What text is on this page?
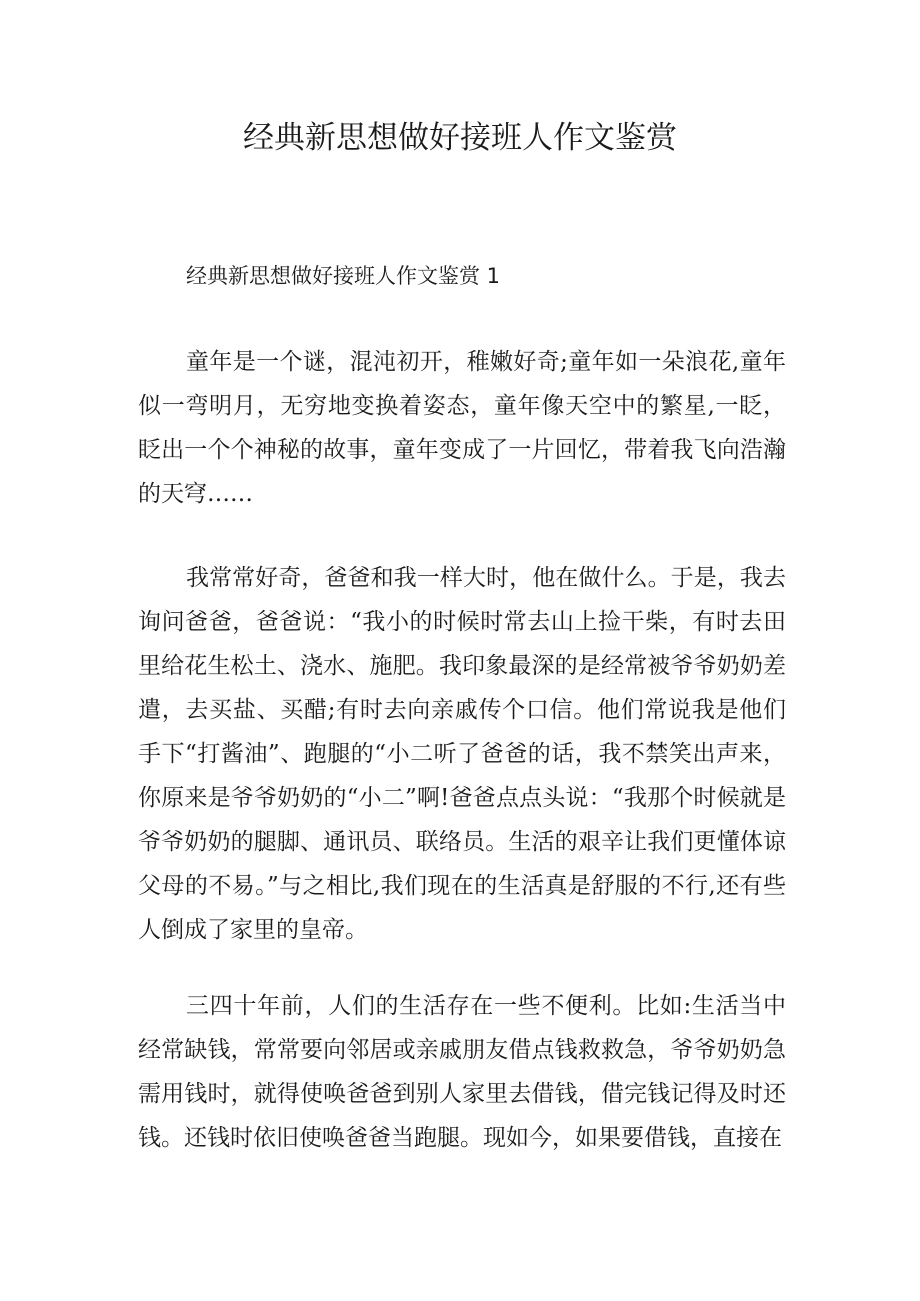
经典新思想做好接班人作文鉴赏

经典新思想做好接班人作文鉴赏 1

童年是一个谜，混沌初开，稚嫩好奇;童年如一朵浪花,童年似一弯明月，无穷地变换着姿态，童年像天空中的繁星,一眨，眨出一个个神秘的故事，童年变成了一片回忆，带着我飞向浩瀚的天穹……

我常常好奇，爸爸和我一样大时，他在做什么。于是，我去询问爸爸，爸爸说：“我小的时候时常去山上捡干柴，有时去田里给花生松土、浇水、施肥。我印象最深的是经常被爷爷奶奶差遣，去买盐、买醋;有时去向亲戚传个口信。他们常说我是他们手下“打酱油”、跑腿的“小二听了爸爸的话，我不禁笑出声来，你原来是爷爷奶奶的“小二”啊!爸爸点点头说：“我那个时候就是爷爷奶奶的腿脚、通讯员、联络员。生活的艰辛让我们更懂体谅父母的不易。”与之相比,我们现在的生活真是舒服的不行,还有些人倒成了家里的皇帝。

三四十年前，人们的生活存在一些不便利。比如:生活当中经常缺钱，常常要向邻居或亲戚朋友借点钱救救急，爷爷奶奶急需用钱时，就得使唤爸爸到别人家里去借钱，借完钱记得及时还钱。还钱时依旧使唤爸爸当跑腿。现如今，如果要借钱，直接在
